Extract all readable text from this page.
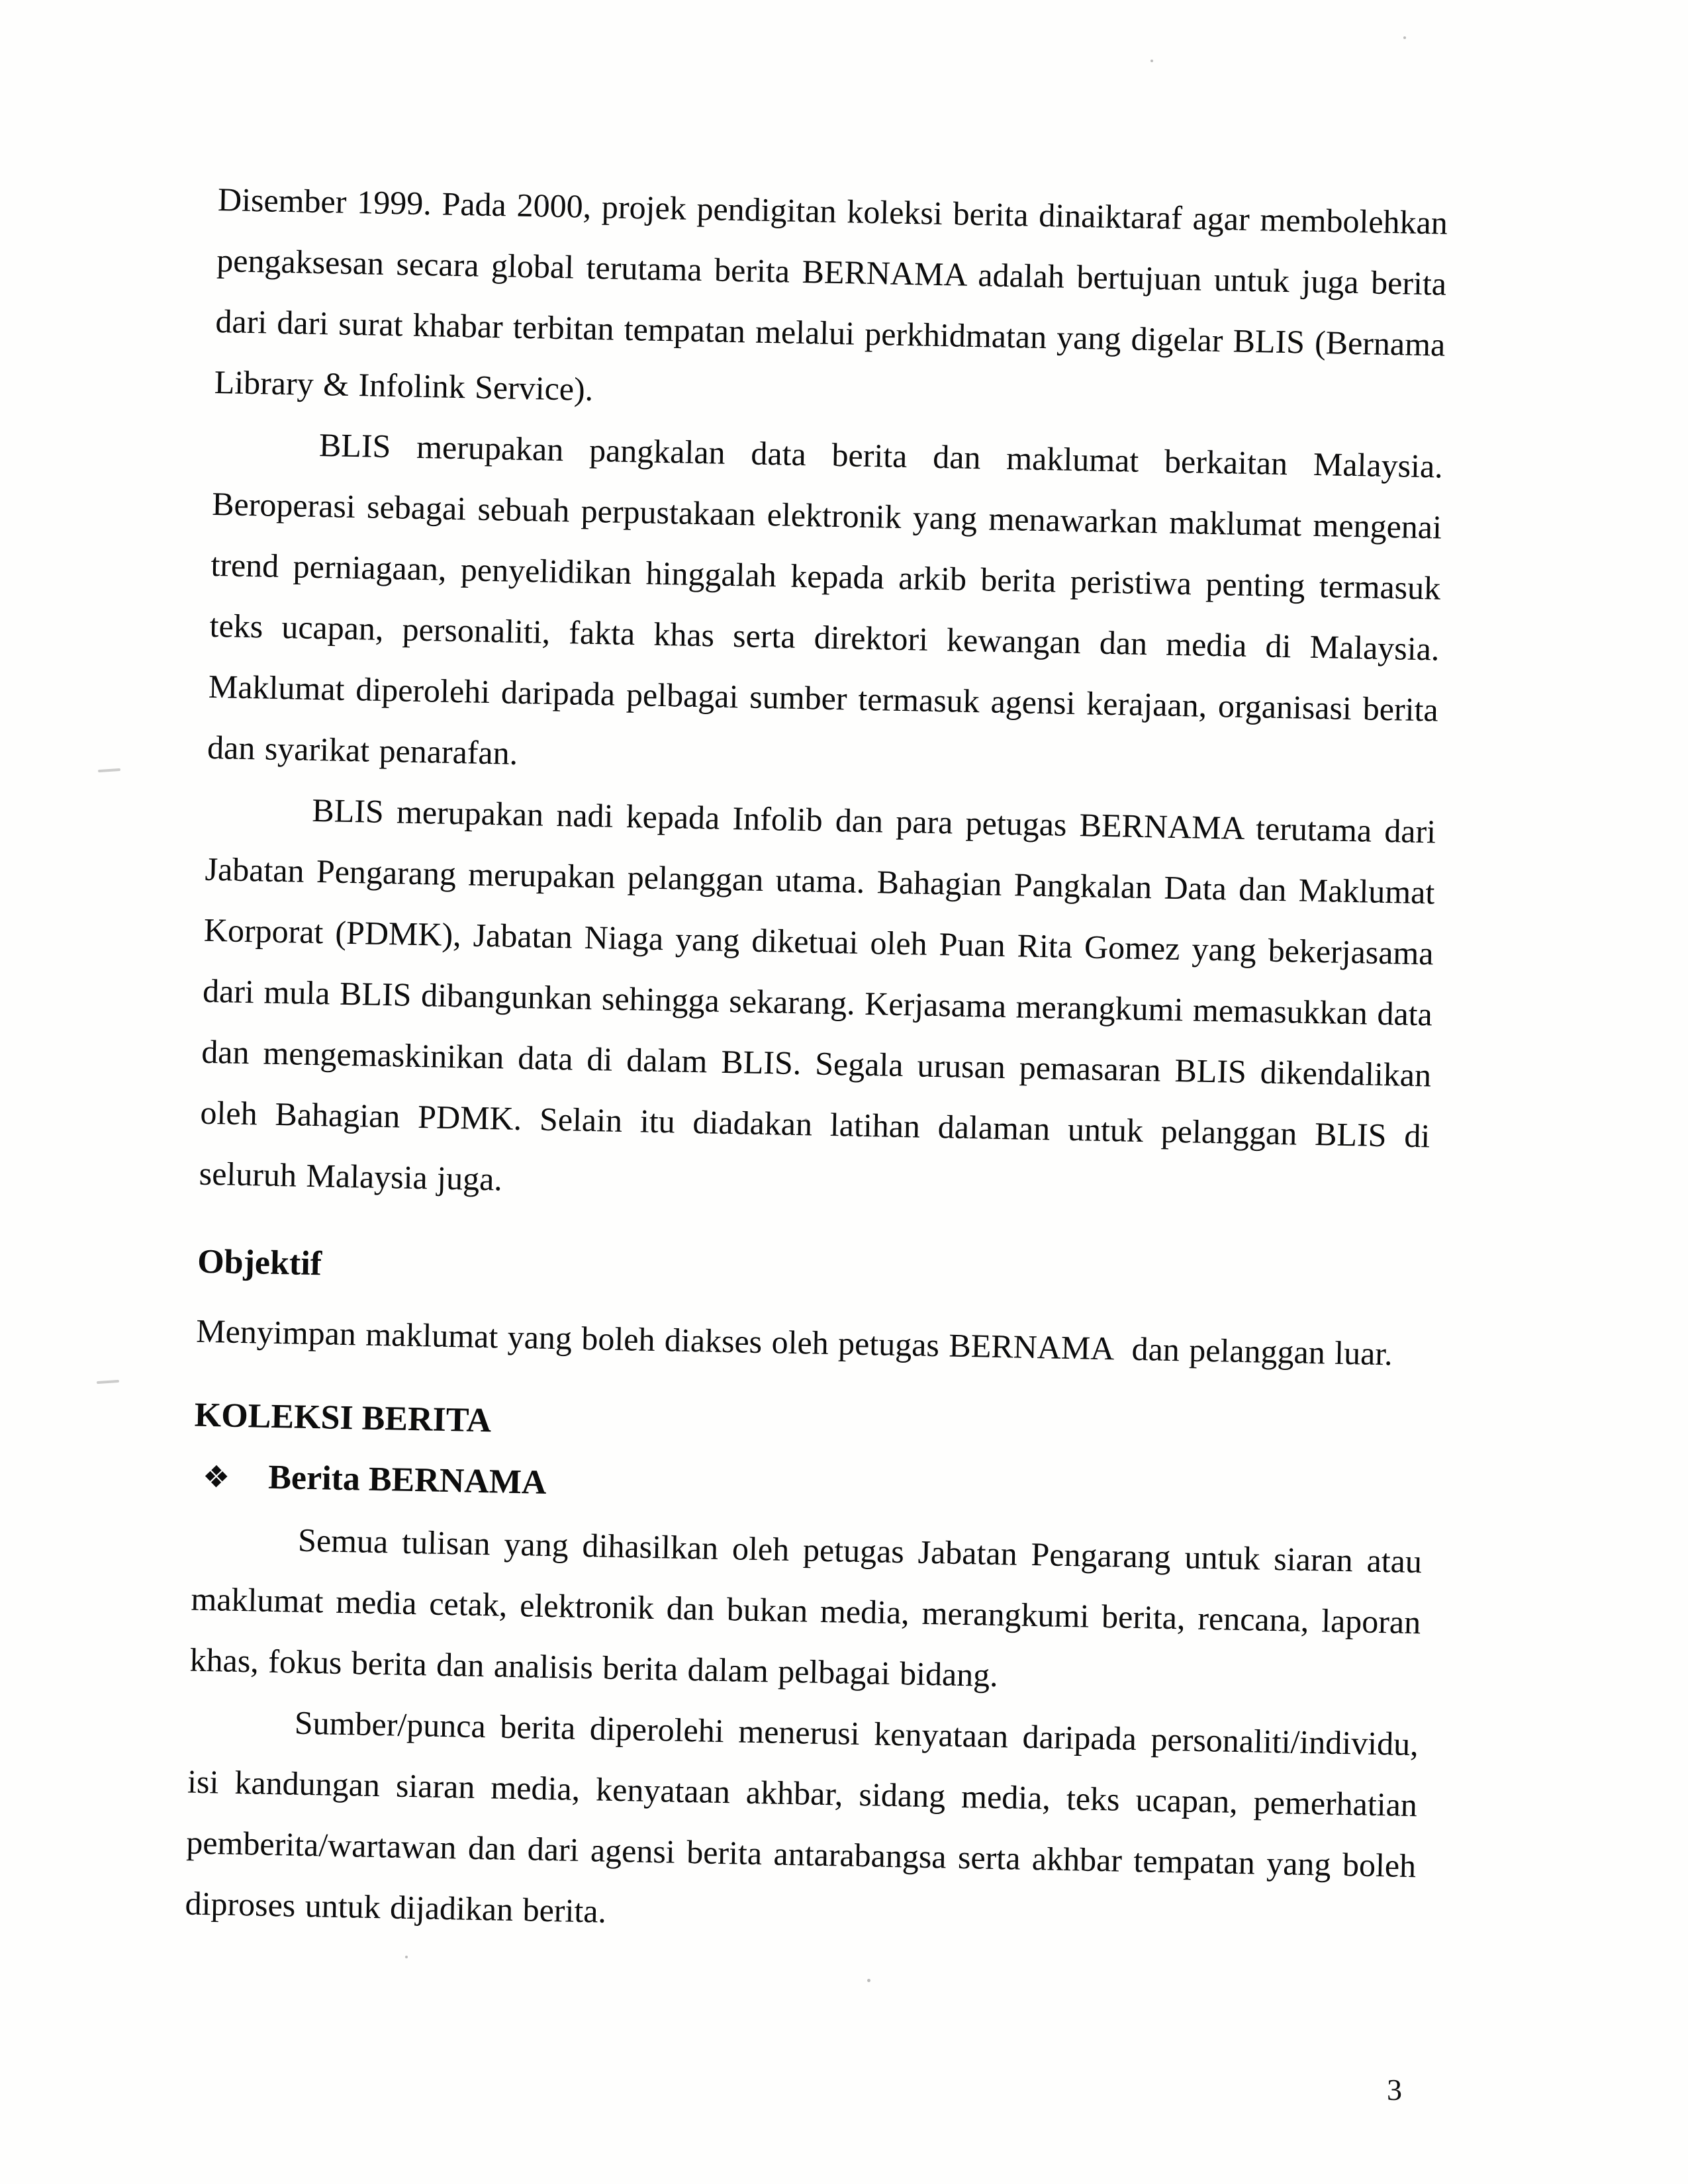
Disember 1999. Pada 2000, projek pendigitan koleksi berita dinaiktaraf agar membolehkan pengaksesan secara global terutama berita BERNAMA adalah bertujuan untuk juga berita dari dari surat khabar terbitan tempatan melalui perkhidmatan yang digelar BLIS (Bernama Library & Infolink Service).

BLIS merupakan pangkalan data berita dan maklumat berkaitan Malaysia. Beroperasi sebagai sebuah perpustakaan elektronik yang menawarkan maklumat mengenai trend perniagaan, penyelidikan hinggalah kepada arkib berita peristiwa penting termasuk teks ucapan, personaliti, fakta khas serta direktori kewangan dan media di Malaysia. Maklumat diperolehi daripada pelbagai sumber termasuk agensi kerajaan, organisasi berita dan syarikat penarafan.

BLIS merupakan nadi kepada Infolib dan para petugas BERNAMA terutama dari Jabatan Pengarang merupakan pelanggan utama. Bahagian Pangkalan Data dan Maklumat Korporat (PDMK), Jabatan Niaga yang diketuai oleh Puan Rita Gomez yang bekerjasama dari mula BLIS dibangunkan sehingga sekarang. Kerjasama merangkumi memasukkan data dan mengemaskinikan data di dalam BLIS. Segala urusan pemasaran BLIS dikendalikan oleh Bahagian PDMK. Selain itu diadakan latihan dalaman untuk pelanggan BLIS di seluruh Malaysia juga.

Objektif

Menyimpan maklumat yang boleh diakses oleh petugas BERNAMA  dan pelanggan luar.

KOLEKSI BERITA
❖ Berita BERNAMA

Semua tulisan yang dihasilkan oleh petugas Jabatan Pengarang untuk siaran atau maklumat media cetak, elektronik dan bukan media, merangkumi berita, rencana, laporan khas, fokus berita dan analisis berita dalam pelbagai bidang.

Sumber/punca berita diperolehi menerusi kenyataan daripada personaliti/individu, isi kandungan siaran media, kenyataan akhbar, sidang media, teks ucapan, pemerhatian pemberita/wartawan dan dari agensi berita antarabangsa serta akhbar tempatan yang boleh diproses untuk dijadikan berita.

3
